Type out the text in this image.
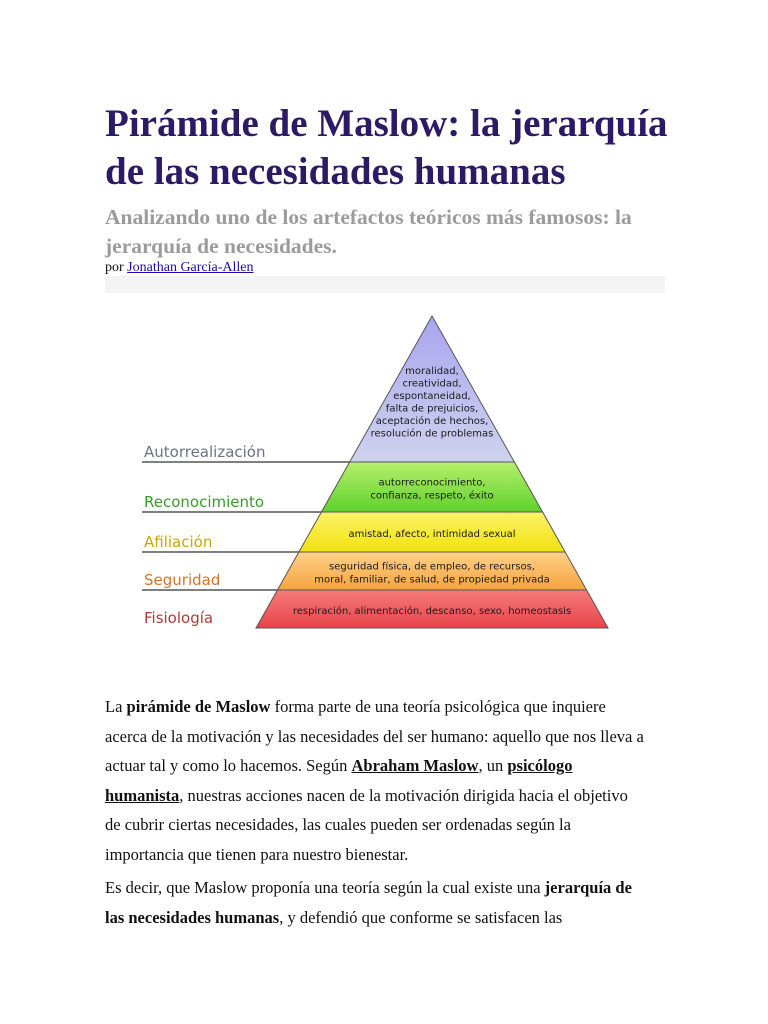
Pirámide de Maslow: la jerarquía
de las necesidades humanas

Analizando uno de los artefactos teóricos más famosos: la
jerarquía de necesidades.

por Jonathan García-Allen
moralidad,
creatividad,
espontaneidad,
falta de prejuicios,
aceptación de hechos,
resolución de problemas
autorreconocimiento,
confianza, respeto, éxito
amistad, afecto, intimidad sexual
seguridad física, de empleo, de recursos,
moral, familiar, de salud, de propiedad privada
respiración, alimentación, descanso, sexo, homeostasis
Autorrealización
Reconocimiento
Afiliación
Seguridad
Fisiología
La pirámide de Maslow forma parte de una teoría psicológica que inquiere
acerca de la motivación y las necesidades del ser humano: aquello que nos lleva a
actuar tal y como lo hacemos. Según Abraham Maslow, un psicólogo
humanista, nuestras acciones nacen de la motivación dirigida hacia el objetivo
de cubrir ciertas necesidades, las cuales pueden ser ordenadas según la
importancia que tienen para nuestro bienestar.
Es decir, que Maslow proponía una teoría según la cual existe una jerarquía de
las necesidades humanas, y defendió que conforme se satisfacen las
